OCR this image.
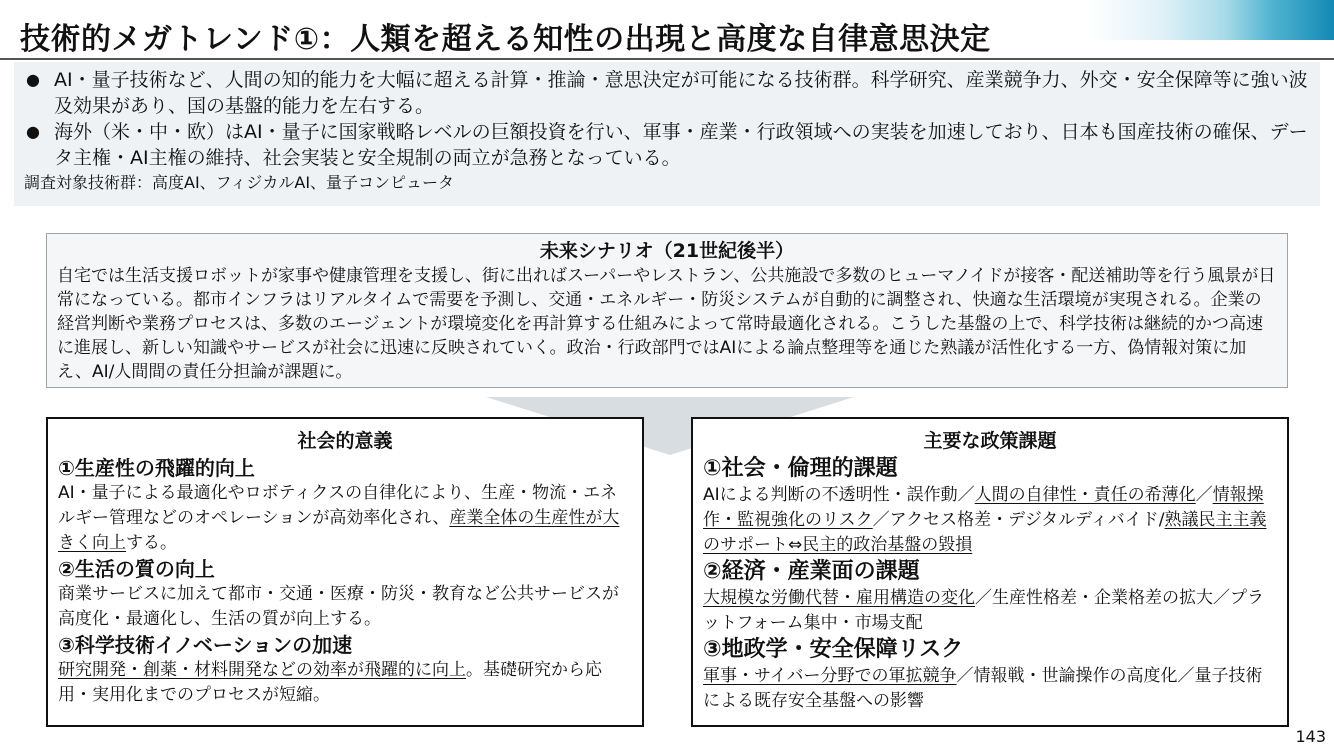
技術的メガトレンド①：人類を超える知性の出現と高度な自律意思決定
● AI・量子技術など、人間の知的能力を大幅に超える計算・推論・意思決定が可能になる技術群。科学研究、産業競争力、外交・安全保障等に強い波及効果があり、国の基盤的能力を左右する。
● 海外（米・中・欧）はAI・量子に国家戦略レベルの巨額投資を行い、軍事・産業・行政領域への実装を加速しており、日本も国産技術の確保、データ主権・AI主権の維持、社会実装と安全規制の両立が急務となっている。
調査対象技術群：高度AI、フィジカルAI、量子コンピュータ
未来シナリオ（21世紀後半）
自宅では生活支援ロボットが家事や健康管理を支援し、街に出ればスーパーやレストラン、公共施設で多数のヒューマノイドが接客・配送補助等を行う風景が日常になっている。都市インフラはリアルタイムで需要を予測し、交通・エネルギー・防災システムが自動的に調整され、快適な生活環境が実現される。企業の経営判断や業務プロセスは、多数のエージェントが環境変化を再計算する仕組みによって常時最適化される。こうした基盤の上で、科学技術は継続的かつ高速に進展し、新しい知識やサービスが社会に迅速に反映されていく。政治・行政部門ではAIによる論点整理等を通じた熟議が活性化する一方、偽情報対策に加え、AI/人間間の責任分担論が課題に。
社会的意義
①生産性の飛躍的向上
AI・量子による最適化やロボティクスの自律化により、生産・物流・エネルギー管理などのオペレーションが高効率化され、産業全体の生産性が大きく向上する。
②生活の質の向上
商業サービスに加えて都市・交通・医療・防災・教育など公共サービスが高度化・最適化し、生活の質が向上する。
③科学技術イノベーションの加速
研究開発・創薬・材料開発などの効率が飛躍的に向上。基礎研究から応用・実用化までのプロセスが短縮。
主要な政策課題
①社会・倫理的課題
AIによる判断の不透明性・誤作動／人間の自律性・責任の希薄化／情報操作・監視強化のリスク／アクセス格差・デジタルディバイド/熟議民主主義のサポート⇔民主的政治基盤の毀損
②経済・産業面の課題
大規模な労働代替・雇用構造の変化／生産性格差・企業格差の拡大／プラットフォーム集中・市場支配
③地政学・安全保障リスク
軍事・サイバー分野での軍拡競争／情報戦・世論操作の高度化／量子技術による既存安全基盤への影響
143
